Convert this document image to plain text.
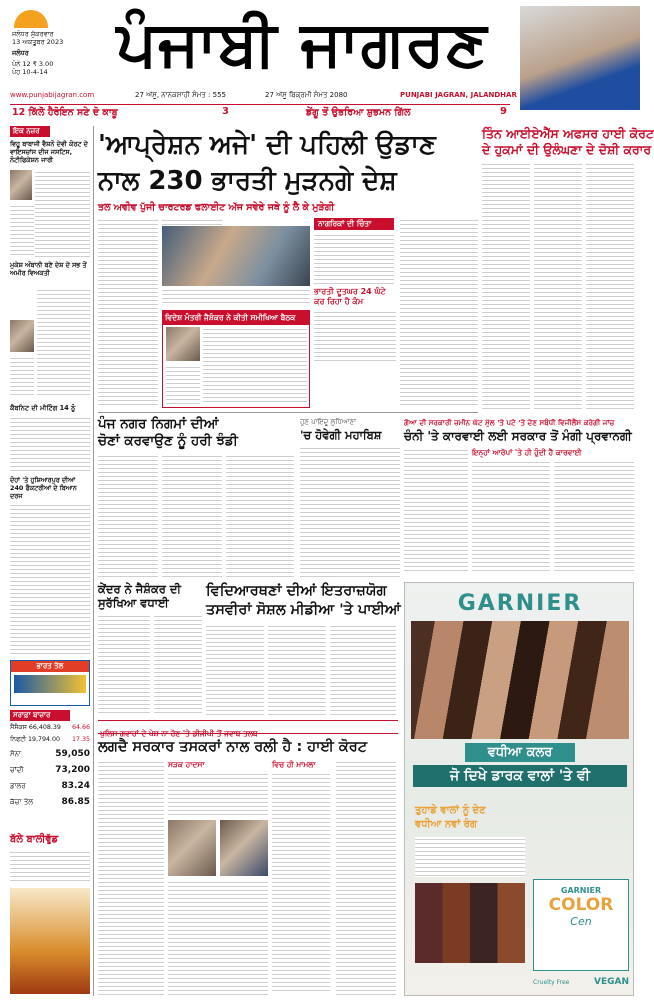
ਜਲੰਧਰ ਸ਼ੁੱਕਰਵਾਰ
13 ਅਕਤੂਬਰ 2023
ਜਲੰਧਰ
ਪੰਨੇ 12 ₹ 3.00
ਪੋਹ 10-4-14	ਪੰਜਾਬੀ ਜਾਗਰਣ
www.punjabijagran.com	27 ਅੱਸੂ, ਨਾਨਕਸ਼ਾਹੀ ਸੰਮਤ : 555	27 ਅੱਸੂ ਬਿਕ੍ਰਮੀ ਸੰਮਤ 2080	PUNJABI JAGRAN, JALANDHAR
12 ਕਿੱਲੋ ਹੈਰੋਇਨ ਸਣੇ ਦੋ ਕਾਬੂ	3	ਡੇਂਗੂ ਤੋਂ ਉਭਰਿਆ ਸ਼ੁਭਮਨ ਗਿੱਲ	9
ਇਕ ਨਜ਼ਰ
ਵਿਹੂ ਬਾਬਾਜੀ ਵੈਸ਼ਨੋ ਦੇਵੀ ਕੋਰਟ ਦੇ ਵਾਇਸਚਾਂਸ ਦੀਜ ਜਸਟਿਸ, ਨੋਟੀਫਿਕੇਸ਼ਨ ਜਾਰੀ
ਮੁਕੇਸ਼ ਅੰਬਾਨੀ ਬਣੇ ਦੇਸ਼ ਦੇ ਸਭ ਤੋਂ ਅਮੀਰ ਵਿਅਕਤੀ
ਕੈਬਨਿਟ ਦੀ ਮੀਟਿੰਗ 14 ਨੂੰ
ਦੋਹਾਂ 'ਤੇ ਹੁਸ਼ਿਆਰਪੁਰ ਦੀਆਂ 240 ਫੈਕਟਰੀਆਂ ਦੇ ਬਿਆਨ ਦਰਜ
ਭਾਰਤ ਤੇਲ
ਸਰਾਫ਼ਾ ਬਾਜ਼ਾਰ
ਸੈਂਸੈਕਸ 66,408.39 64.66
ਨਿਫਟੀ 19,794.00 17.35
ਸੋਨਾ	59,050
ਚਾਂਦੀ	73,200
ਡਾਲਰ	83.24
ਕੱਚਾ ਤੇਲ	86.85
ਬੱਲੇ ਬਾਲੀਵੁੱਡ
'ਆਪ੍ਰੇਸ਼ਨ ਅਜੇ' ਦੀ ਪਹਿਲੀ ਉਡਾਣ
ਨਾਲ 230 ਭਾਰਤੀ ਮੁੜਨਗੇ ਦੇਸ਼
ਤਲ ਅਵੀਵ ਪੁੱਜੀ ਚਾਰਟਰਡ ਫਲਾਈਟ ਅੱਜ ਸਵੇਰੇ ਜਥੇ ਨੂੰ ਲੈ ਕੇ ਮੁੜੇਗੀ
ਨਾਗਰਿਕਾਂ ਦੀ ਚਿੰਤਾ
ਭਾਰਤੀ ਦੂਤਘਰ 24 ਘੰਟੇ ਕਰ ਰਿਹਾ ਹੈ ਕੰਮ
ਵਿਦੇਸ਼ ਮੰਤਰੀ ਜੈਸ਼ੰਕਰ ਨੇ ਕੀਤੀ ਸਮੀਖਿਆ ਬੈਠਕ
ਪੰਜ ਨਗਰ ਨਿਗਮਾਂ ਦੀਆਂ
ਚੋਣਾਂ ਕਰਵਾਉਣ ਨੂੰ ਹਰੀ ਝੰਡੀ
ਹੁਣ ਪਾਇਦੂ ਲੁਧਿਆਣਾ
'ਚ ਹੋਵੇਗੀ ਮਹਾਬਿਸ਼
ਕੇਂਦਰ ਨੇ ਜੈਸ਼ੰਕਰ ਦੀ
ਸੁਰੱਖਿਆ ਵਧਾਈ
ਵਿਦਿਆਰਥਣਾਂ ਦੀਆਂ ਇਤਰਾਜ਼ਯੋਗ
ਤਸਵੀਰਾਂ ਸੋਸ਼ਲ ਮੀਡੀਆ 'ਤੇ ਪਾਈਆਂ
ਪੁਲਿਸ ਗਵਾਹਾਂ ਦੇ ਪੇਸ਼ ਨਾ ਹੋਣ 'ਤੇ ਡੀਜੀਪੀ ਤੋਂ ਜਵਾਬ ਤਲਬ
ਲਗਦੈ ਸਰਕਾਰ ਤਸਕਰਾਂ ਨਾਲ ਰਲੀ ਹੈ : ਹਾਈ ਕੋਰਟ
ਸੜਕ ਹਾਦਸਾ	ਵਿਚ ਹੀ ਮਾਮਲਾ
ਗੋਆ ਦੀ ਸਰਕਾਰੀ ਜ਼ਮੀਨ ਘੱਟ ਮੁੱਲ 'ਤੇ ਪਟੇ 'ਤੇ ਦੇਣ ਸਬੰਧੀ ਵਿਜੀਲੈਂਸ ਕਰੇਗੀ ਜਾਂਚ
ਚੰਨੀ 'ਤੇ ਕਾਰਵਾਈ ਲਈ ਸਰਕਾਰ ਤੋਂ ਮੰਗੀ ਪ੍ਰਵਾਨਗੀ
ਇਨ੍ਹਾਂ ਆਰੋਪਾਂ 'ਤੇ ਹੀ ਹੁੰਦੀ ਹੈ ਕਾਰਵਾਈ
GARNIER
ਵਧੀਆ ਕਲਰ
ਜੋ ਦਿਖੇ ਡਾਰਕ ਵਾਲਾਂ 'ਤੇ ਵੀ
ਤੁਹਾਡੇ ਵਾਲਾਂ ਨੂੰ ਦੇਣ
ਵਧੀਆ ਨਵਾਂ ਰੰਗ
GARNIER
COLOR
Cen
Cruelty Free	VEGAN
ਤਿੰਨ ਆਈਏਐੱਸ ਅਫਸਰ ਹਾਈ ਕੋਰਟ
ਦੇ ਹੁਕਮਾਂ ਦੀ ਉਲੰਘਣਾ ਦੇ ਦੋਸ਼ੀ ਕਰਾਰ
